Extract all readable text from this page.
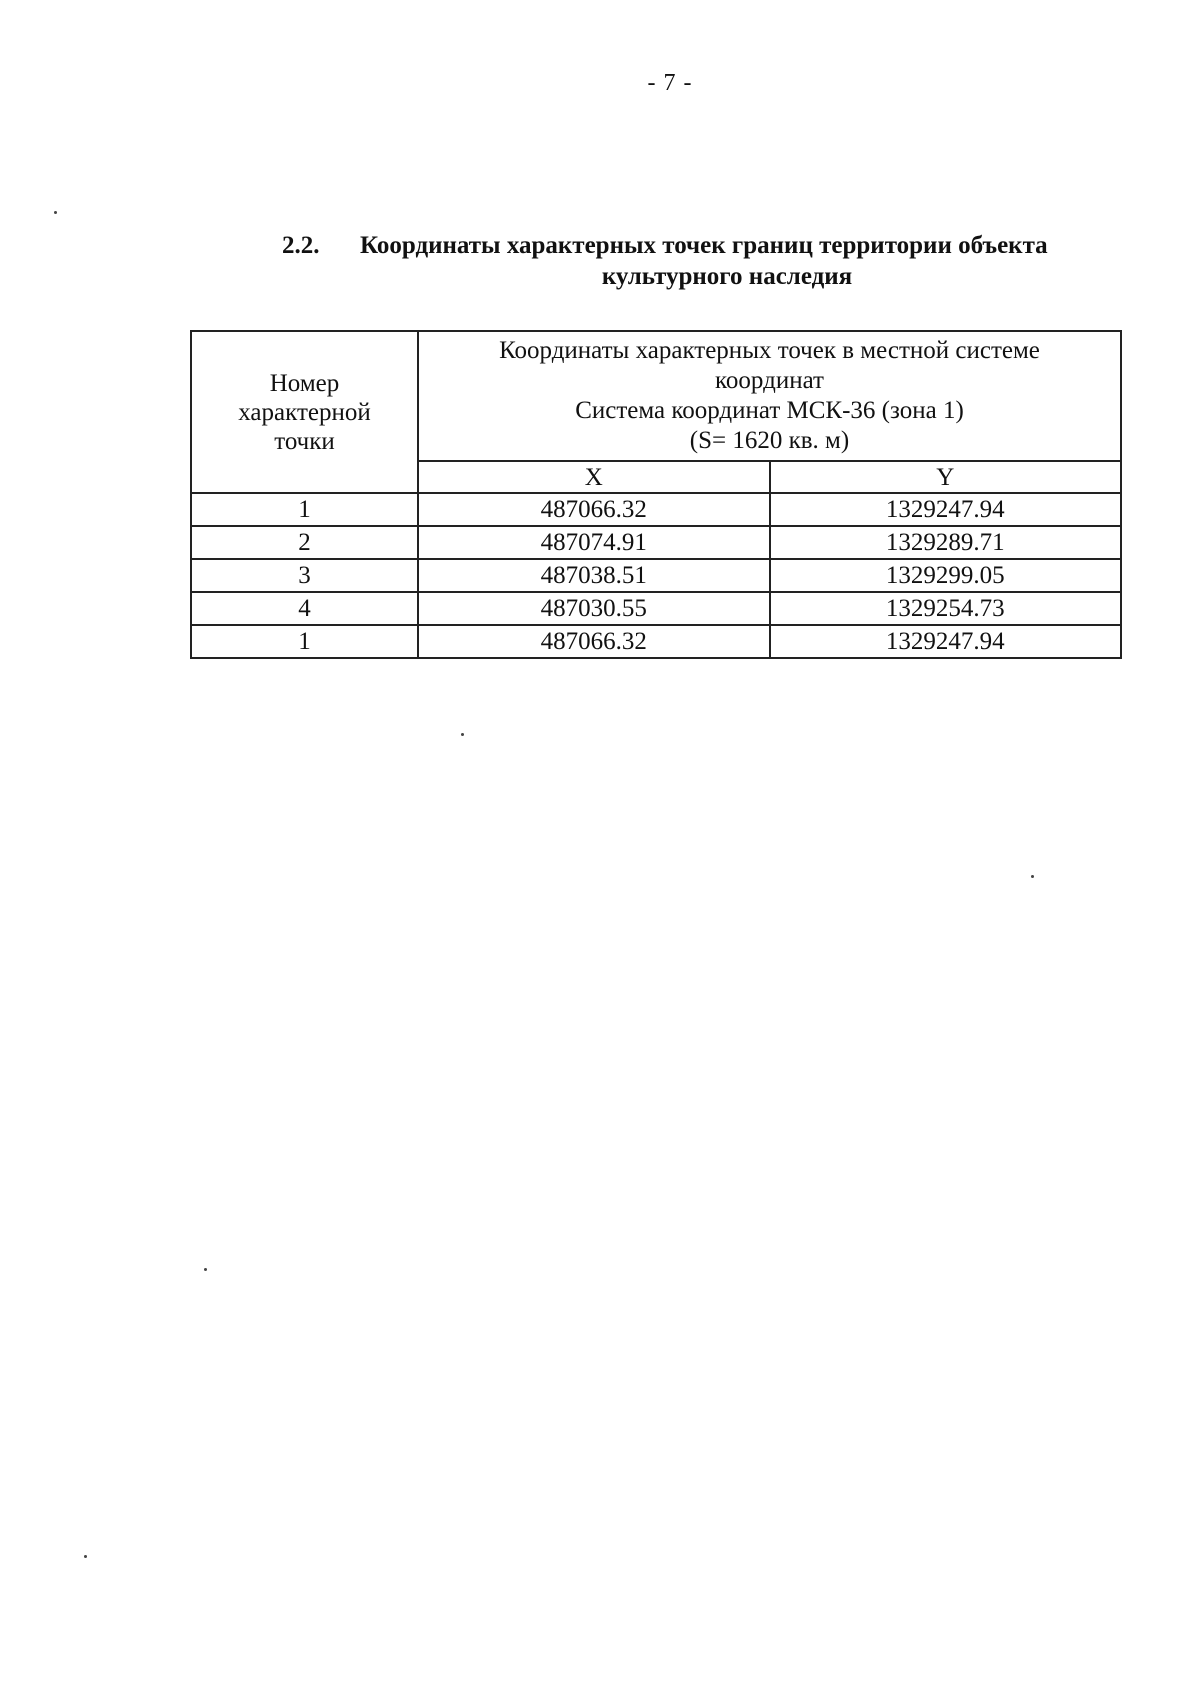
- 7 -
2.2. Координаты характерных точек границ территории объекта
культурного наследия
Номер
характерной
точки	Координаты характерных точек в местной системе
координат
Система координат МСК-36 (зона 1)
(S= 1620 кв. м)	

	X	Y
1	487066.32	1329247.94
2	487074.91	1329289.71
3	487038.51	1329299.05
4	487030.55	1329254.73
1	487066.32	1329247.94
